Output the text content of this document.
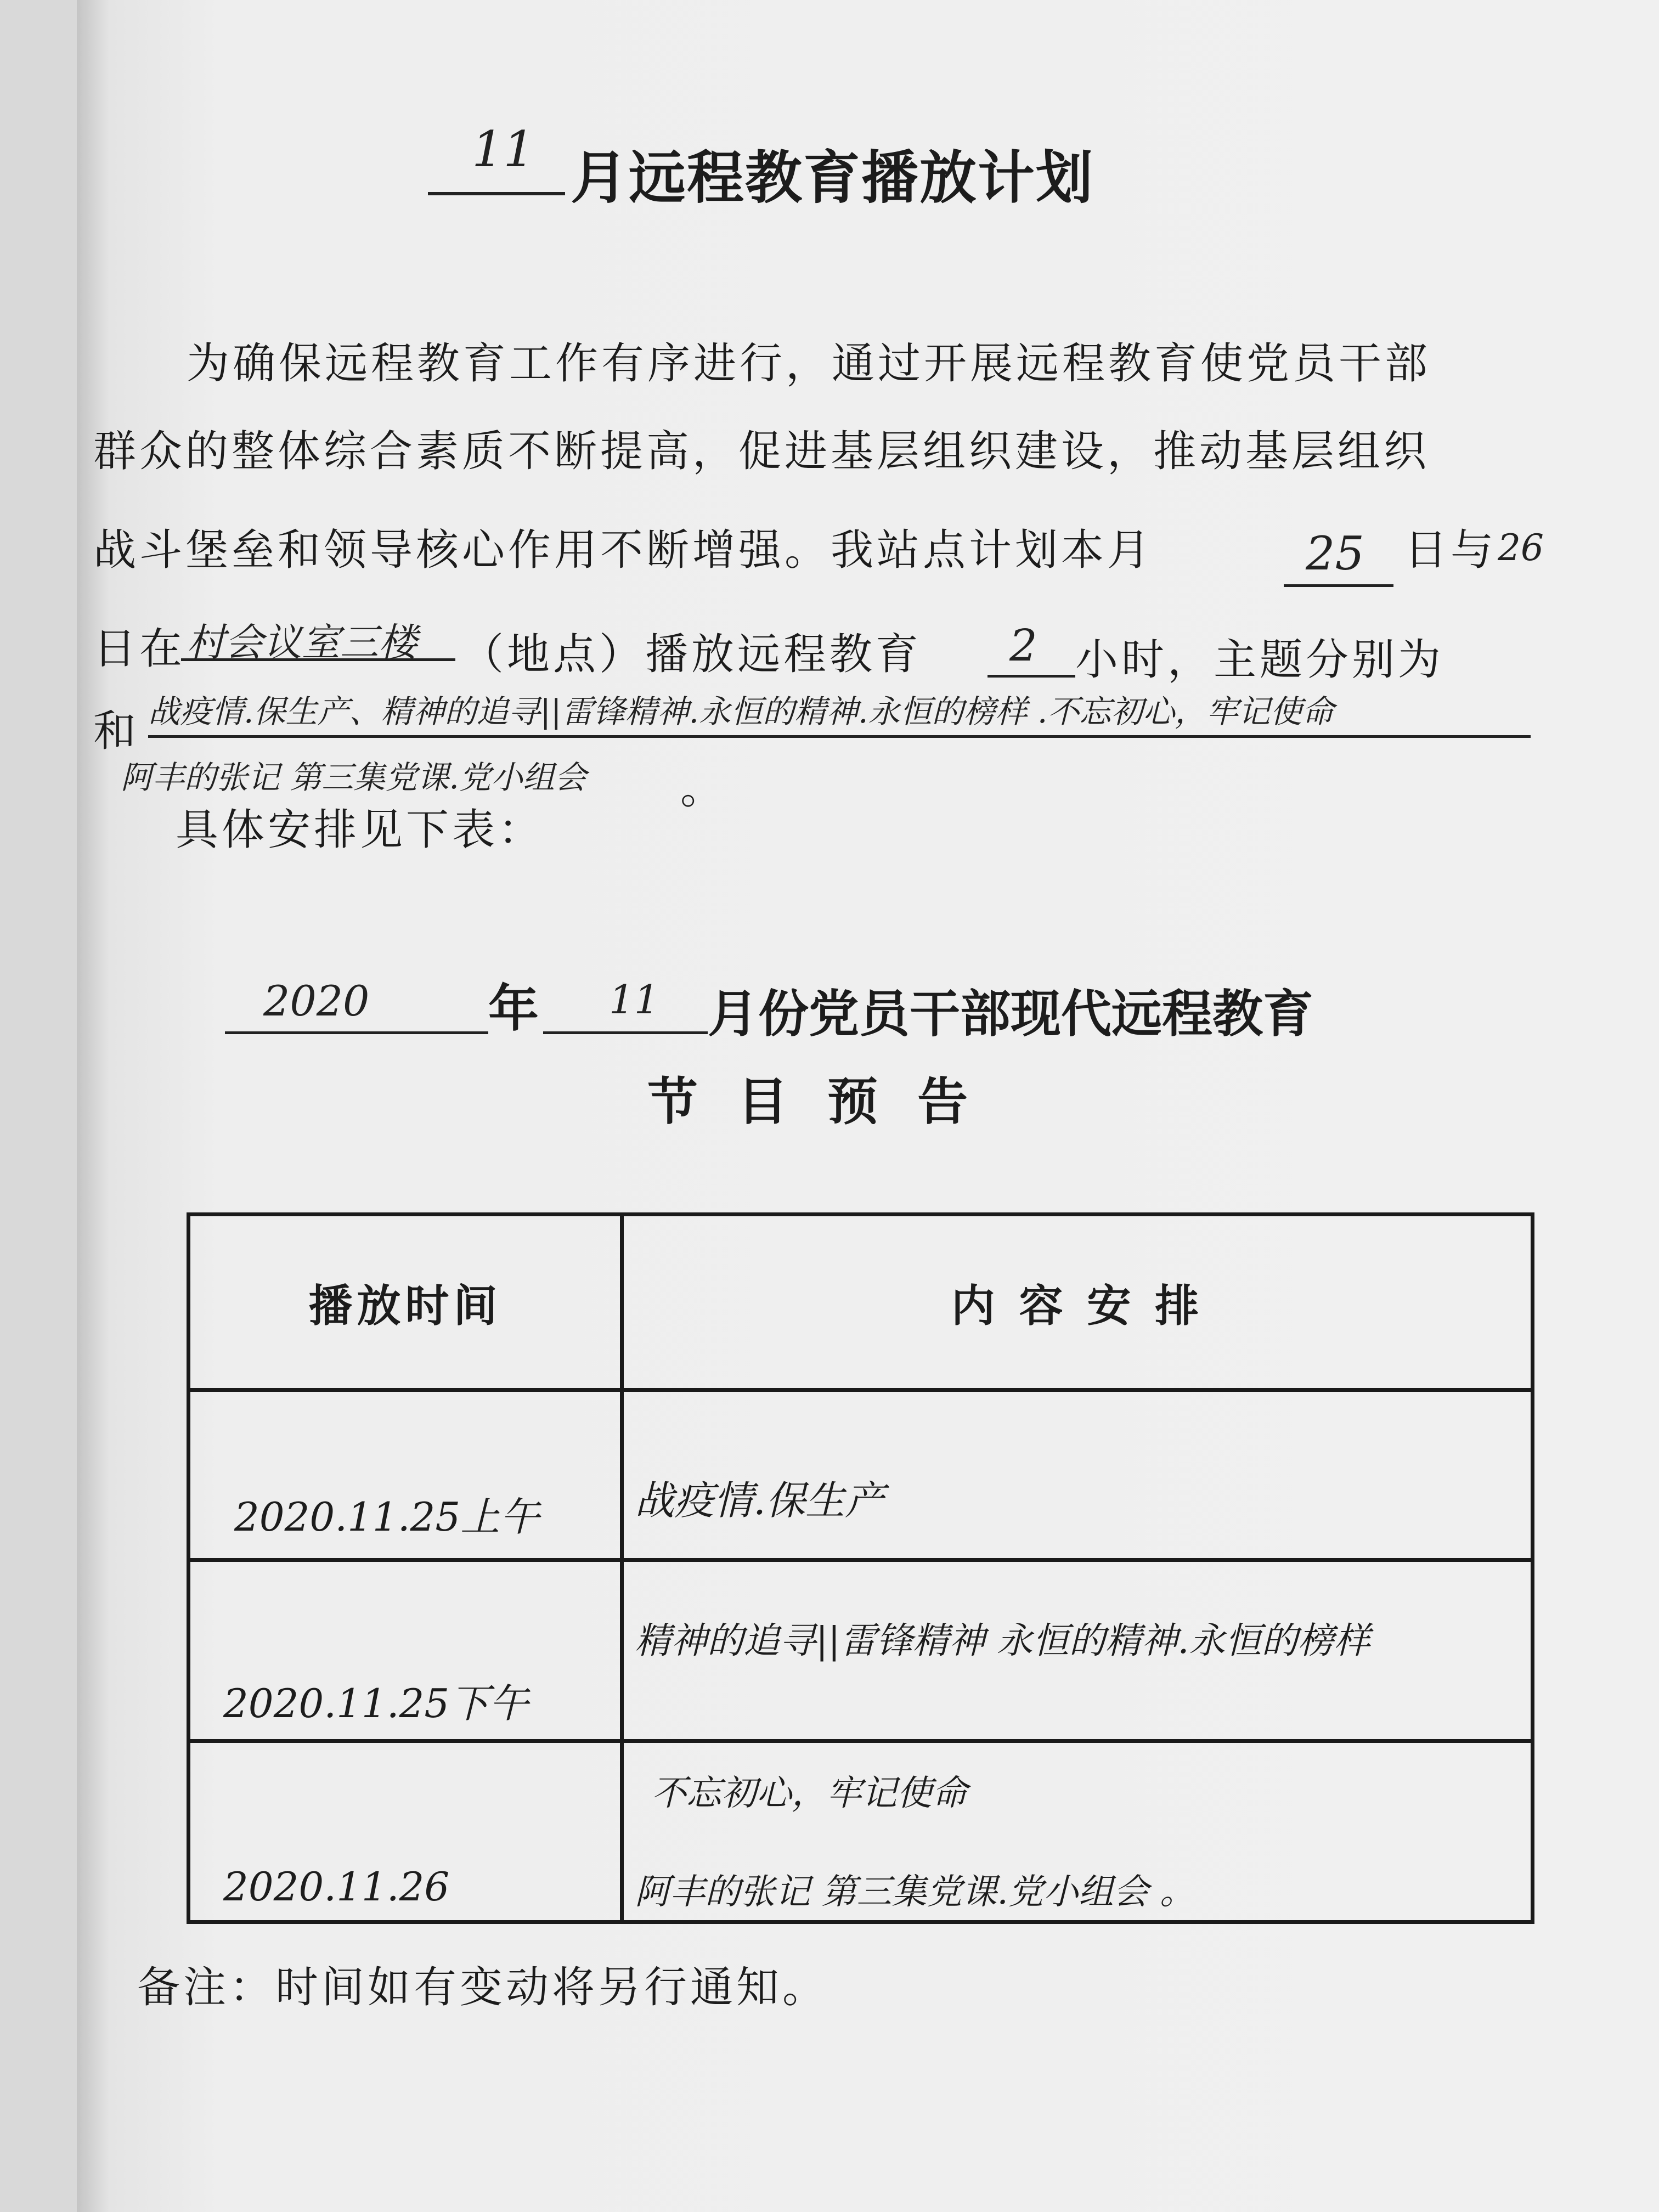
11 月远程教育播放计划
为确保远程教育工作有序进行，通过开展远程教育使党员干部
群众的整体综合素质不断提高，促进基层组织建设，推动基层组织
战斗堡垒和领导核心作用不断增强。我站点计划本月	25 日与 26
日在 村会议室三楼 （地点）播放远程教育 2 小时，主题分别为
和 战疫情.保生产、精神的追寻||雷锋精神.永恒的精神.永恒的榜样 .不忘初心，牢记使命
阿丰的张记 第三集党课.党小组会 。
具体安排见下表：
2020 年 11 月份党员干部现代远程教育
节 目 预 告
播放时间	内 容 安 排

2020.11.25上午	战疫情.保生产

2020.11.25下午	精神的追寻||雷锋精神 永恒的精神.永恒的榜样

2020.11.26	不忘初心，牢记使命
阿丰的张记 第三集党课.党小组会 。
备注：时间如有变动将另行通知。
